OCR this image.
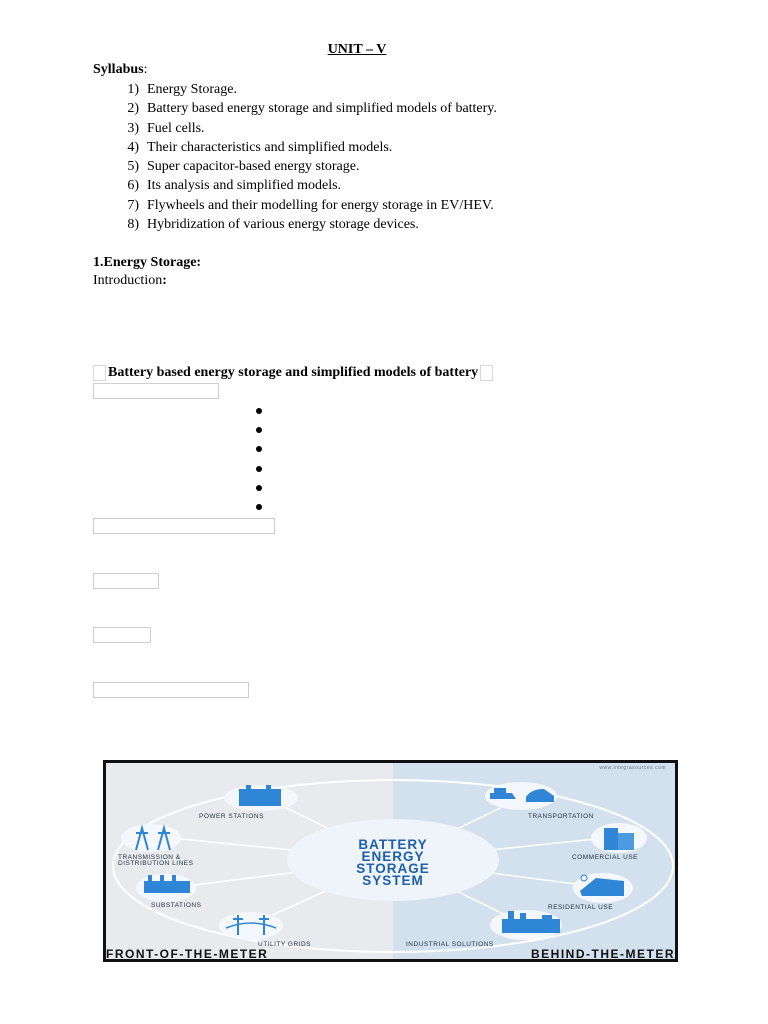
UNIT – V
Syllabus:
1) Energy Storage.
2) Battery based energy storage and simplified models of battery.
3) Fuel cells.
4) Their characteristics and simplified models.
5) Super capacitor-based energy storage.
6) Its analysis and simplified models.
7) Flywheels and their modelling for energy storage in EV/HEV.
8) Hybridization of various energy storage devices.
1.Energy Storage:
Introduction:
Battery based energy storage and simplified models of battery
www.integrasources.com
BATTERY
ENERGY
STORAGE
SYSTEM
POWER STATIONS
TRANSMISSION &
DISTRIBUTION LINES
SUBSTATIONS
UTILITY GRIDS
TRANSPORTATION
COMMERCIAL USE
RESIDENTIAL USE
INDUSTRIAL SOLUTIONS
FRONT-OF-THE-METER	BEHIND-THE-METER
